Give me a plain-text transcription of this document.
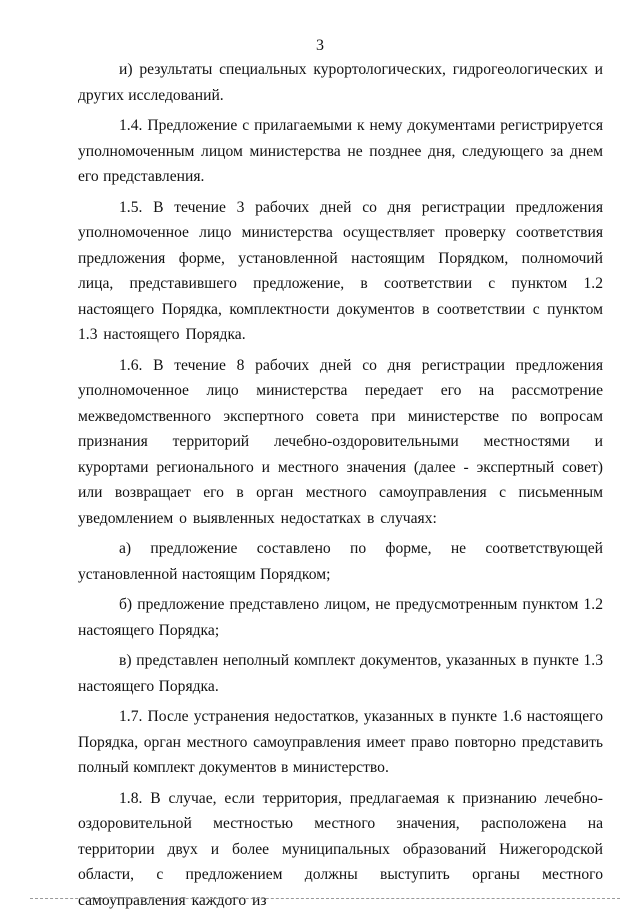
3

и) результаты специальных курортологических, гидрогеологических и других исследований.

1.4. Предложение с прилагаемыми к нему документами регистрируется уполномоченным лицом министерства не позднее дня, следующего за днем его представления.

1.5. В течение 3 рабочих дней со дня регистрации предложения уполномоченное лицо министерства осуществляет проверку соответствия предложения форме, установленной настоящим Порядком, полномочий лица, представившего предложение, в соответствии с пунктом 1.2 настоящего Порядка, комплектности документов в соответствии с пунктом 1.3 настоящего Порядка.

1.6. В течение 8 рабочих дней со дня регистрации предложения уполномоченное лицо министерства передает его на рассмотрение межведомственного экспертного совета при министерстве по вопросам признания территорий лечебно-оздоровительными местностями и курортами регионального и местного значения (далее - экспертный совет) или возвращает его в орган местного самоуправления с письменным уведомлением о выявленных недостатках в случаях:

а) предложение составлено по форме, не соответствующей установленной настоящим Порядком;

б) предложение представлено лицом, не предусмотренным пунктом 1.2 настоящего Порядка;

в) представлен неполный комплект документов, указанных в пункте 1.3 настоящего Порядка.

1.7. После устранения недостатков, указанных в пункте 1.6 настоящего Порядка, орган местного самоуправления имеет право повторно представить полный комплект документов в министерство.

1.8. В случае, если территория, предлагаемая к признанию лечебно-оздоровительной местностью местного значения, расположена на территории двух и более муниципальных образований Нижегородской области, с предложением должны выступить органы местного самоуправления каждого из
